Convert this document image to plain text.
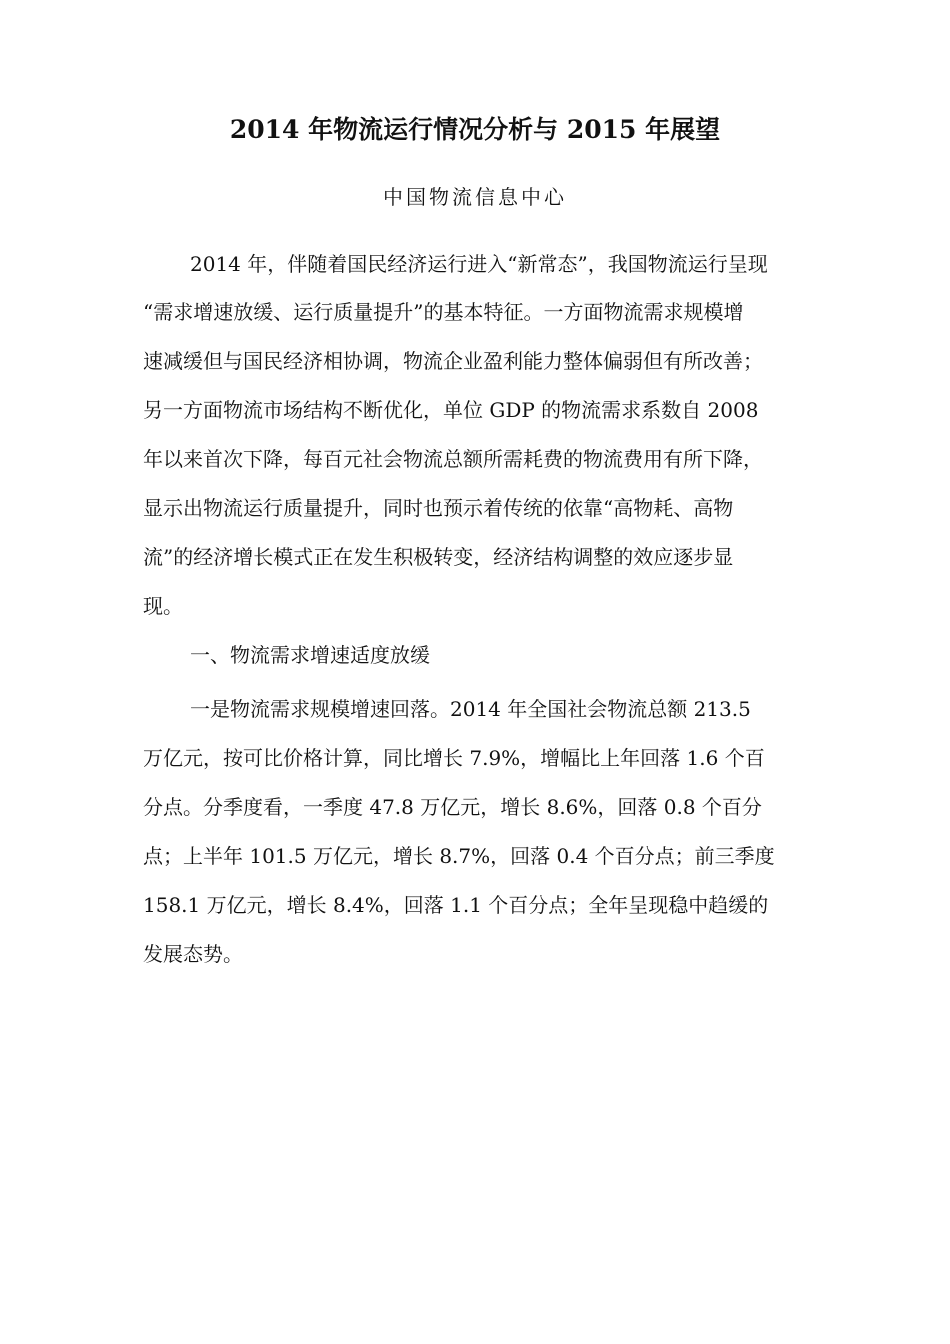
2014 年物流运行情况分析与 2015 年展望
中国物流信息中心
2014 年，伴随着国民经济运行进入“新常态”，我国物流运行呈现
“需求增速放缓、运行质量提升”的基本特征。一方面物流需求规模增
速减缓但与国民经济相协调，物流企业盈利能力整体偏弱但有所改善；
另一方面物流市场结构不断优化，单位 GDP 的物流需求系数自 2008
年以来首次下降，每百元社会物流总额所需耗费的物流费用有所下降，
显示出物流运行质量提升，同时也预示着传统的依靠“高物耗、高物
流”的经济增长模式正在发生积极转变，经济结构调整的效应逐步显
现。
一、物流需求增速适度放缓
一是物流需求规模增速回落。2014 年全国社会物流总额 213.5
万亿元，按可比价格计算，同比增长 7.9%，增幅比上年回落 1.6 个百
分点。分季度看，一季度 47.8 万亿元，增长 8.6%，回落 0.8 个百分
点；上半年 101.5 万亿元，增长 8.7%，回落 0.4 个百分点；前三季度
158.1 万亿元，增长 8.4%，回落 1.1 个百分点；全年呈现稳中趋缓的
发展态势。
